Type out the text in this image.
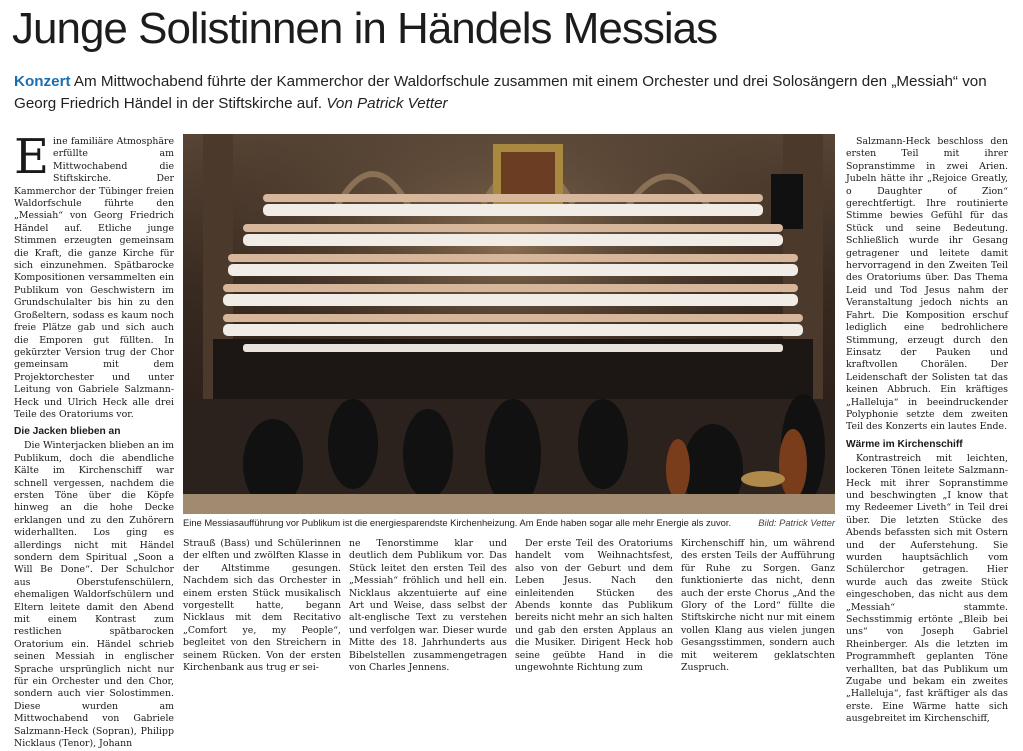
Junge Solistinnen in Händels Messias
Konzert Am Mittwochabend führte der Kammerchor der Waldorfschule zusammen mit einem Orchester und drei Solosängern den „Messiah“ von Georg Friedrich Händel in der Stiftskirche auf. Von Patrick Vetter

Eine familiäre Atmosphäre erfüllte am Mittwochabend die Stiftskirche. Der Kammerchor der Tübinger freien Waldorfschule führte den „Messiah“ von Georg Friedrich Händel auf. Etliche junge Stimmen erzeugten gemeinsam die Kraft, die ganze Kirche für sich einzunehmen. Spätbarocke Kompositionen versammelten ein Publikum von Geschwistern im Grundschulalter bis hin zu den Großeltern, sodass es kaum noch freie Plätze gab und sich auch die Emporen gut füllten. In gekürzter Version trug der Chor gemeinsam mit dem Projektorchester und unter Leitung von Gabriele Salzmann-Heck und Ulrich Heck alle drei Teile des Oratoriums vor.

Die Jacken blieben an

Die Winterjacken blieben an im Publikum, doch die abendliche Kälte im Kirchenschiff war schnell vergessen, nachdem die ersten Töne über die Köpfe hinweg an die hohe Decke erklangen und zu den Zuhörern widerhallten. Los ging es allerdings nicht mit Händel sondern dem Spiritual „Soon a Will Be Done“. Der Schulchor aus Oberstufenschülern, ehemaligen Waldorfschülern und Eltern leitete damit den Abend mit einem Kontrast zum restlichen spätbarocken Oratorium ein. Händel schrieb seinen Messiah in englischer Sprache ursprünglich nicht nur für ein Orchester und den Chor, sondern auch vier Solostimmen. Diese wurden am Mittwochabend von Gabriele Salzmann-Heck (Sopran), Philipp Nicklaus (Tenor), Johann

Eine Messiasaufführung vor Publikum ist die energiesparendste Kirchenheizung. Am Ende haben sogar alle mehr Energie als zuvor.	Bild: Patrick Vetter

Strauß (Bass) und Schülerinnen der elften und zwölften Klasse in der Altstimme gesungen. Nachdem sich das Orchester in einem ersten Stück musikalisch vorgestellt hatte, begann Nicklaus mit dem Recitativo „Comfort ye, my People“, begleitet von den Streichern in seinem Rücken. Von der ersten Kirchenbank aus trug er sei-

ne Tenorstimme klar und deutlich dem Publikum vor. Das Stück leitet den ersten Teil des „Messiah“ fröhlich und hell ein. Nicklaus akzentuierte auf eine Art und Weise, dass selbst der alt-englische Text zu verstehen und verfolgen war. Dieser wurde Mitte des 18. Jahrhunderts aus Bibelstellen zusammengetragen von Charles Jennens.

Der erste Teil des Oratoriums handelt vom Weihnachtsfest, also von der Geburt und dem Leben Jesus. Nach den einleitenden Stücken des Abends konnte das Publikum bereits nicht mehr an sich halten und gab den ersten Applaus an die Musiker. Dirigent Heck hob seine geübte Hand in die ungewohnte Richtung zum

Kirchenschiff hin, um während des ersten Teils der Aufführung für Ruhe zu Sorgen. Ganz funktionierte das nicht, denn auch der erste Chorus „And the Glory of the Lord“ füllte die Stiftskirche nicht nur mit einem vollen Klang aus vielen jungen Gesangsstimmen, sondern auch mit weiterem geklatschten Zuspruch.

Salzmann-Heck beschloss den ersten Teil mit ihrer Sopranstimme in zwei Arien. Jubeln hätte ihr „Rejoice Greatly, o Daughter of Zion“ gerechtfertigt. Ihre routinierte Stimme bewies Gefühl für das Stück und seine Bedeutung. Schließlich wurde ihr Gesang getragener und leitete damit hervorragend in den Zweiten Teil des Oratoriums über. Das Thema Leid und Tod Jesus nahm der Veranstaltung jedoch nichts an Fahrt. Die Komposition erschuf lediglich eine bedrohlichere Stimmung, erzeugt durch den Einsatz der Pauken und kraftvollen Chorälen. Der Leidenschaft der Solisten tat das keinen Abbruch. Ein kräftiges „Halleluja“ in beeindruckender Polyphonie setzte dem zweiten Teil des Konzerts ein lautes Ende.

Wärme im Kirchenschiff

Kontrastreich mit leichten, lockeren Tönen leitete Salzmann-Heck mit ihrer Sopranstimme und beschwingten „I know that my Redeemer Liveth“ in Teil drei über. Die letzten Stücke des Abends befassten sich mit Ostern und der Auferstehung. Sie wurden hauptsächlich vom Schülerchor getragen. Hier wurde auch das zweite Stück eingeschoben, das nicht aus dem „Messiah“ stammte. Sechsstimmig ertönte „Bleib bei uns“ von Joseph Gabriel Rheinberger. Als die letzten im Programmheft geplanten Töne verhallten, bat das Publikum um Zugabe und bekam ein zweites „Halleluja“, fast kräftiger als das erste. Eine Wärme hatte sich ausgebreitet im Kirchenschiff,
